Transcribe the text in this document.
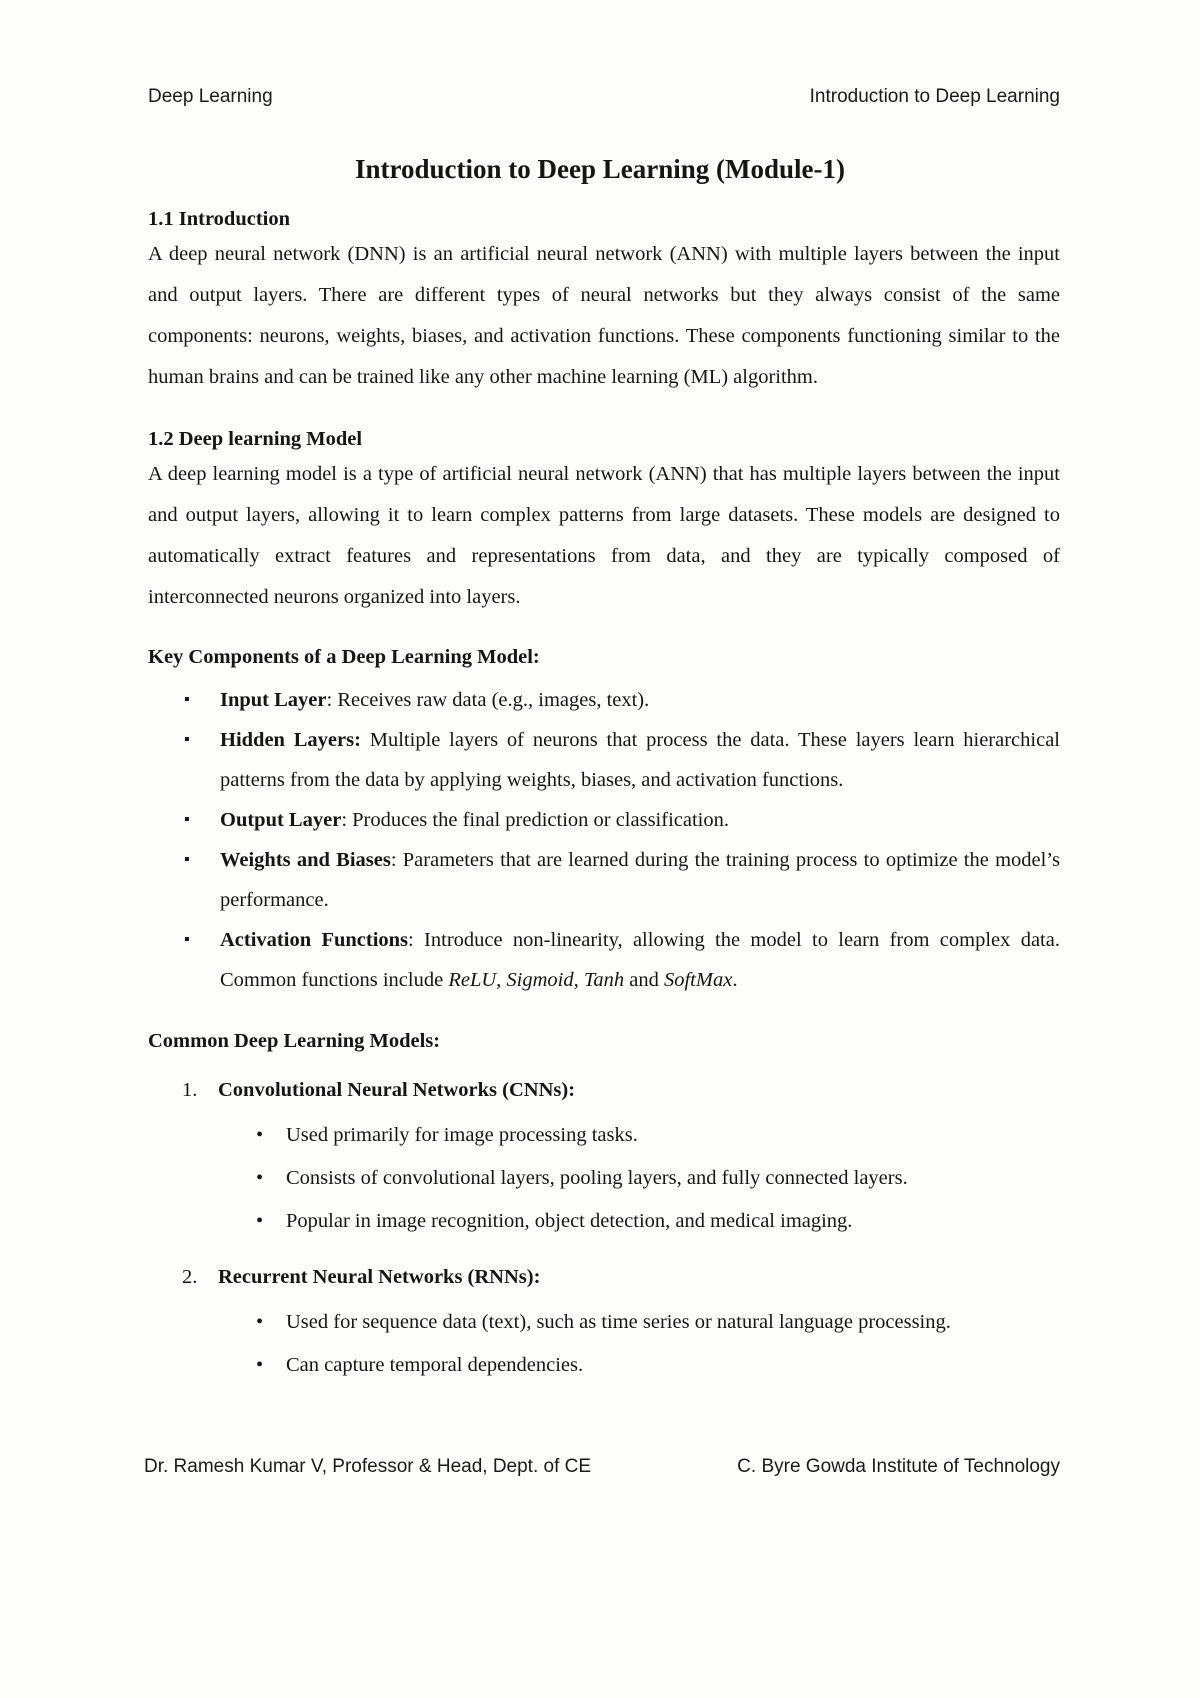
Deep Learning	Introduction to Deep Learning
Introduction to Deep Learning (Module-1)
1.1 Introduction

A deep neural network (DNN) is an artificial neural network (ANN) with multiple layers between the input and output layers. There are different types of neural networks but they always consist of the same components: neurons, weights, biases, and activation functions. These components functioning similar to the human brains and can be trained like any other machine learning (ML) algorithm.

1.2 Deep learning Model

A deep learning model is a type of artificial neural network (ANN) that has multiple layers between the input and output layers, allowing it to learn complex patterns from large datasets. These models are designed to automatically extract features and representations from data, and they are typically composed of interconnected neurons organized into layers.

Key Components of a Deep Learning Model:
▪ Input Layer: Receives raw data (e.g., images, text).
▪ Hidden Layers: Multiple layers of neurons that process the data. These layers learn hierarchical patterns from the data by applying weights, biases, and activation functions.
▪ Output Layer: Produces the final prediction or classification.
▪ Weights and Biases: Parameters that are learned during the training process to optimize the model’s performance.
▪ Activation Functions: Introduce non-linearity, allowing the model to learn from complex data. Common functions include ReLU, Sigmoid, Tanh and SoftMax.
Common Deep Learning Models:
1. Convolutional Neural Networks (CNNs):
• Used primarily for image processing tasks.
• Consists of convolutional layers, pooling layers, and fully connected layers.
• Popular in image recognition, object detection, and medical imaging.
2. Recurrent Neural Networks (RNNs):
• Used for sequence data (text), such as time series or natural language processing.
• Can capture temporal dependencies.
Dr. Ramesh Kumar V, Professor & Head, Dept. of CE	C. Byre Gowda Institute of Technology
